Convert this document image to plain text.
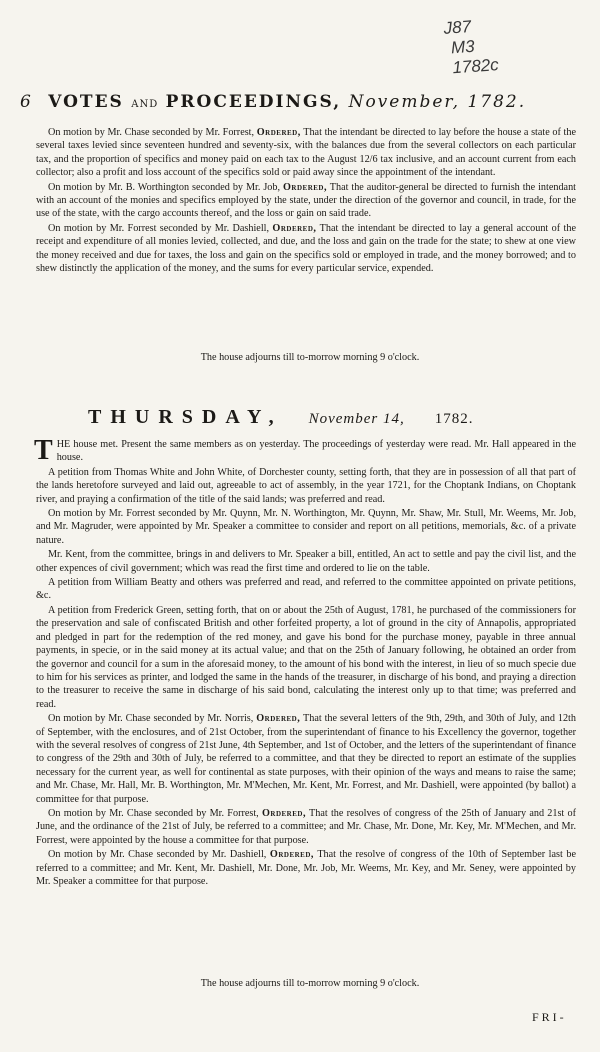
J87
M3
1782c
6 VOTES AND PROCEEDINGS, November, 1782.

On motion by Mr. Chase seconded by Mr. Forrest, Ordered, That the intendant be directed to lay before the house a state of the several taxes levied since seventeen hundred and seventy-six, with the balances due from the several collectors on each particular tax, and the proportion of specifics and money paid on each tax to the August 12/6 tax inclusive, and an account current from each collector; also a profit and loss account of the specifics sold or paid away since the appointment of the intendant.

On motion by Mr. B. Worthington seconded by Mr. Job, Ordered, That the auditor-general be directed to furnish the intendant with an account of the monies and specifics employed by the state, under the direction of the governor and council, in trade, for the use of the state, with the cargo accounts thereof, and the loss or gain on said trade.

On motion by Mr. Forrest seconded by Mr. Dashiell, Ordered, That the intendant be directed to lay a general account of the receipt and expenditure of all monies levied, collected, and due, and the loss and gain on the trade for the state; to shew at one view the money received and due for taxes, the loss and gain on the specifics sold or employed in trade, and the money borrowed; and to shew distinctly the application of the money, and the sums for every particular service, expended.

The house adjourns till to-morrow morning 9 o'clock.
THURSDAY, November 14, 1782.

THE house met. Present the same members as on yesterday. The proceedings of yesterday were read. Mr. Hall appeared in the house.

A petition from Thomas White and John White, of Dorchester county, setting forth, that they are in possession of all that part of the lands heretofore surveyed and laid out, agreeable to act of assembly, in the year 1721, for the Choptank Indians, on Choptank river, and praying a confirmation of the title of the said lands; was preferred and read.

On motion by Mr. Forrest seconded by Mr. Quynn, Mr. N. Worthington, Mr. Quynn, Mr. Shaw, Mr. Stull, Mr. Weems, Mr. Job, and Mr. Magruder, were appointed by Mr. Speaker a committee to consider and report on all petitions, memorials, &c. of a private nature.

Mr. Kent, from the committee, brings in and delivers to Mr. Speaker a bill, entitled, An act to settle and pay the civil list, and the other expences of civil government; which was read the first time and ordered to lie on the table.

A petition from William Beatty and others was preferred and read, and referred to the committee appointed on private petitions, &c.

A petition from Frederick Green, setting forth, that on or about the 25th of August, 1781, he purchased of the commissioners for the preservation and sale of confiscated British and other forfeited property, a lot of ground in the city of Annapolis, appropriated and pledged in part for the redemption of the red money, and gave his bond for the purchase money, payable in three annual payments, in specie, or in the said money at its actual value; and that on the 25th of January following, he obtained an order from the governor and council for a sum in the aforesaid money, to the amount of his bond with the interest, in lieu of so much specie due to him for his services as printer, and lodged the same in the hands of the treasurer, in discharge of his bond, and praying a direction to the treasurer to receive the same in discharge of his said bond, calculating the interest only up to that time; was preferred and read.

On motion by Mr. Chase seconded by Mr. Norris, Ordered, That the several letters of the 9th, 29th, and 30th of July, and 12th of September, with the enclosures, and of 21st October, from the superintendant of finance to his Excellency the governor, together with the several resolves of congress of 21st June, 4th September, and 1st of October, and the letters of the superintendant of finance to congress of the 29th and 30th of July, be referred to a committee, and that they be directed to report an estimate of the supplies necessary for the current year, as well for continental as state purposes, with their opinion of the ways and means to raise the same; and Mr. Chase, Mr. Hall, Mr. B. Worthington, Mr. M'Mechen, Mr. Kent, Mr. Forrest, and Mr. Dashiell, were appointed (by ballot) a committee for that purpose.

On motion by Mr. Chase seconded by Mr. Forrest, Ordered, That the resolves of congress of the 25th of January and 21st of June, and the ordinance of the 21st of July, be referred to a committee; and Mr. Chase, Mr. Done, Mr. Key, Mr. M'Mechen, and Mr. Forrest, were appointed by the house a committee for that purpose.

On motion by Mr. Chase seconded by Mr. Dashiell, Ordered, That the resolve of congress of the 10th of September last be referred to a committee; and Mr. Kent, Mr. Dashiell, Mr. Done, Mr. Job, Mr. Weems, Mr. Key, and Mr. Seney, were appointed by Mr. Speaker a committee for that purpose.

The house adjourns till to-morrow morning 9 o'clock.
FRI-
